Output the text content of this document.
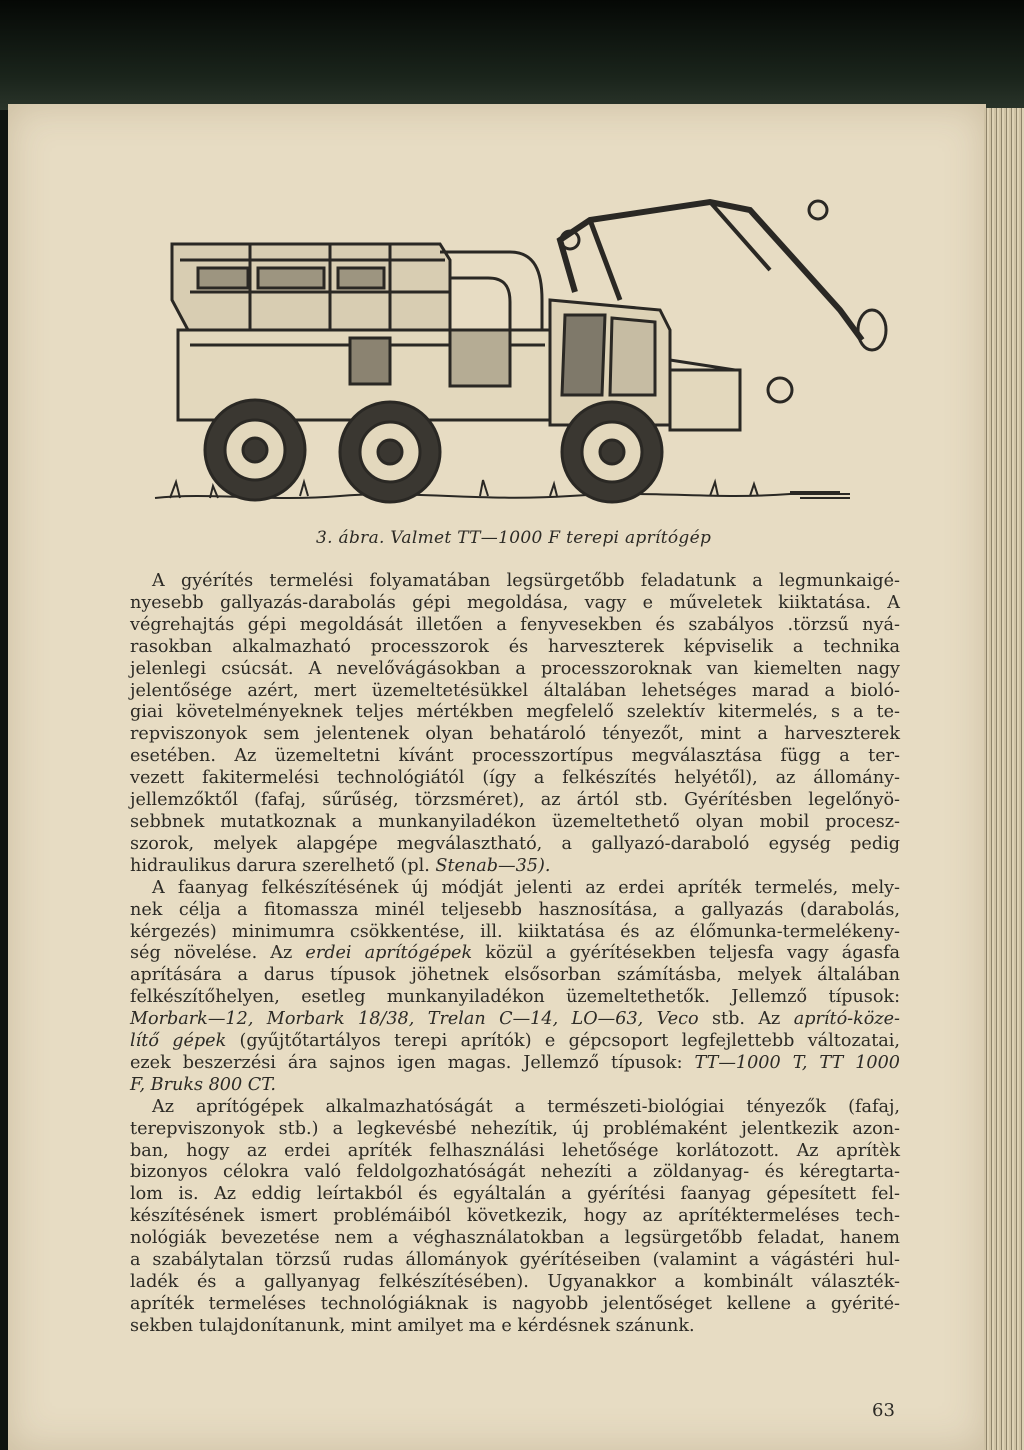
3. ábra. Valmet TT—1000 F terepi aprítógép

A gyérítés termelési folyamatában legsürgetőbb feladatunk a legmunkaigé-

nyesebb gallyazás-darabolás gépi megoldása, vagy e műveletek kiiktatása. A

végrehajtás gépi megoldását illetően a fenyvesekben és szabályos .törzsű nyá-

rasokban alkalmazható processzorok és harveszterek képviselik a technika

jelenlegi csúcsát. A nevelővágásokban a processzoroknak van kiemelten nagy

jelentősége azért, mert üzemeltetésükkel általában lehetséges marad a bioló-

giai követelményeknek teljes mértékben megfelelő szelektív kitermelés, s a te-

repviszonyok sem jelentenek olyan behatároló tényezőt, mint a harveszterek

esetében. Az üzemeltetni kívánt processzortípus megválasztása függ a ter-

vezett fakitermelési technológiától (így a felkészítés helyétől), az állomány-

jellemzőktől (fafaj, sűrűség, törzsméret), az ártól stb. Gyérítésben legelőnyö-

sebbnek mutatkoznak a munkanyiladékon üzemeltethető olyan mobil procesz-

szorok, melyek alapgépe megválasztható, a gallyazó-daraboló egység pedig

hidraulikus darura szerelhető (pl. Stenab—35).

A faanyag felkészítésének új módját jelenti az erdei apríték termelés, mely-

nek célja a fitomassza minél teljesebb hasznosítása, a gallyazás (darabolás,

kérgezés) minimumra csökkentése, ill. kiiktatása és az élőmunka-termelékeny-

ség növelése. Az erdei aprítógépek közül a gyérítésekben teljesfa vagy ágasfa

aprítására a darus típusok jöhetnek elsősorban számításba, melyek általában

felkészítőhelyen, esetleg munkanyiladékon üzemeltethetők. Jellemző típusok:

Morbark—12, Morbark 18/38, Trelan C—14, LO—63, Veco stb. Az aprító-köze-

lítő gépek (gyűjtőtartályos terepi aprítók) e gépcsoport legfejlettebb változatai,

ezek beszerzési ára sajnos igen magas. Jellemző típusok: TT—1000 T, TT 1000

F, Bruks 800 CT.

Az aprítógépek alkalmazhatóságát a természeti-biológiai tényezők (fafaj,

terepviszonyok stb.) a legkevésbé nehezítik, új problémaként jelentkezik azon-

ban, hogy az erdei apríték felhasználási lehetősége korlátozott. Az aprítèk

bizonyos célokra való feldolgozhatóságát nehezíti a zöldanyag- és kéregtarta-

lom is. Az eddig leírtakból és egyáltalán a gyérítési faanyag gépesített fel-

készítésének ismert problémáiból következik, hogy az aprítéktermeléses tech-

nológiák bevezetése nem a véghasználatokban a legsürgetőbb feladat, hanem

a szabálytalan törzsű rudas állományok gyérítéseiben (valamint a vágástéri hul-

ladék és a gallyanyag felkészítésében). Ugyanakkor a kombinált választék-

apríték termeléses technológiáknak is nagyobb jelentőséget kellene a gyérité-

sekben tulajdonítanunk, mint amilyet ma e kérdésnek szánunk.

63
